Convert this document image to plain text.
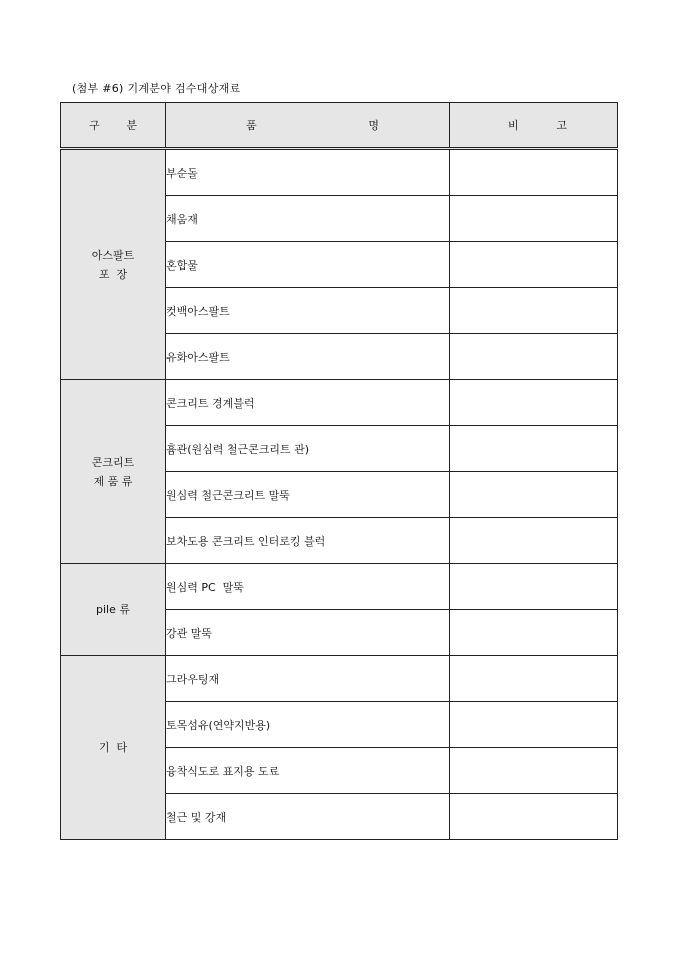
(첨부 #6) 기계분야 검수대상재료
구 분	품 명	비 고

아스팔트
포  장	부순돌	
	채움재	
	혼합물	
	컷백아스팔트	
	유화아스팔트	

콘크리트
제 품 류	콘크리트 경계블럭	
	흄관(원심력 철근콘크리트 관)	
	원심력 철근콘크리트 말뚝	
	보차도용 콘크리트 인터로킹 블럭	

pile 류	원심력 PC  말뚝	
	강관 말뚝	

기  타	그라우팅재	
	토목섬유(연약지반용)	
	융착식도로 표지용 도료	
	철근 및 강재	
